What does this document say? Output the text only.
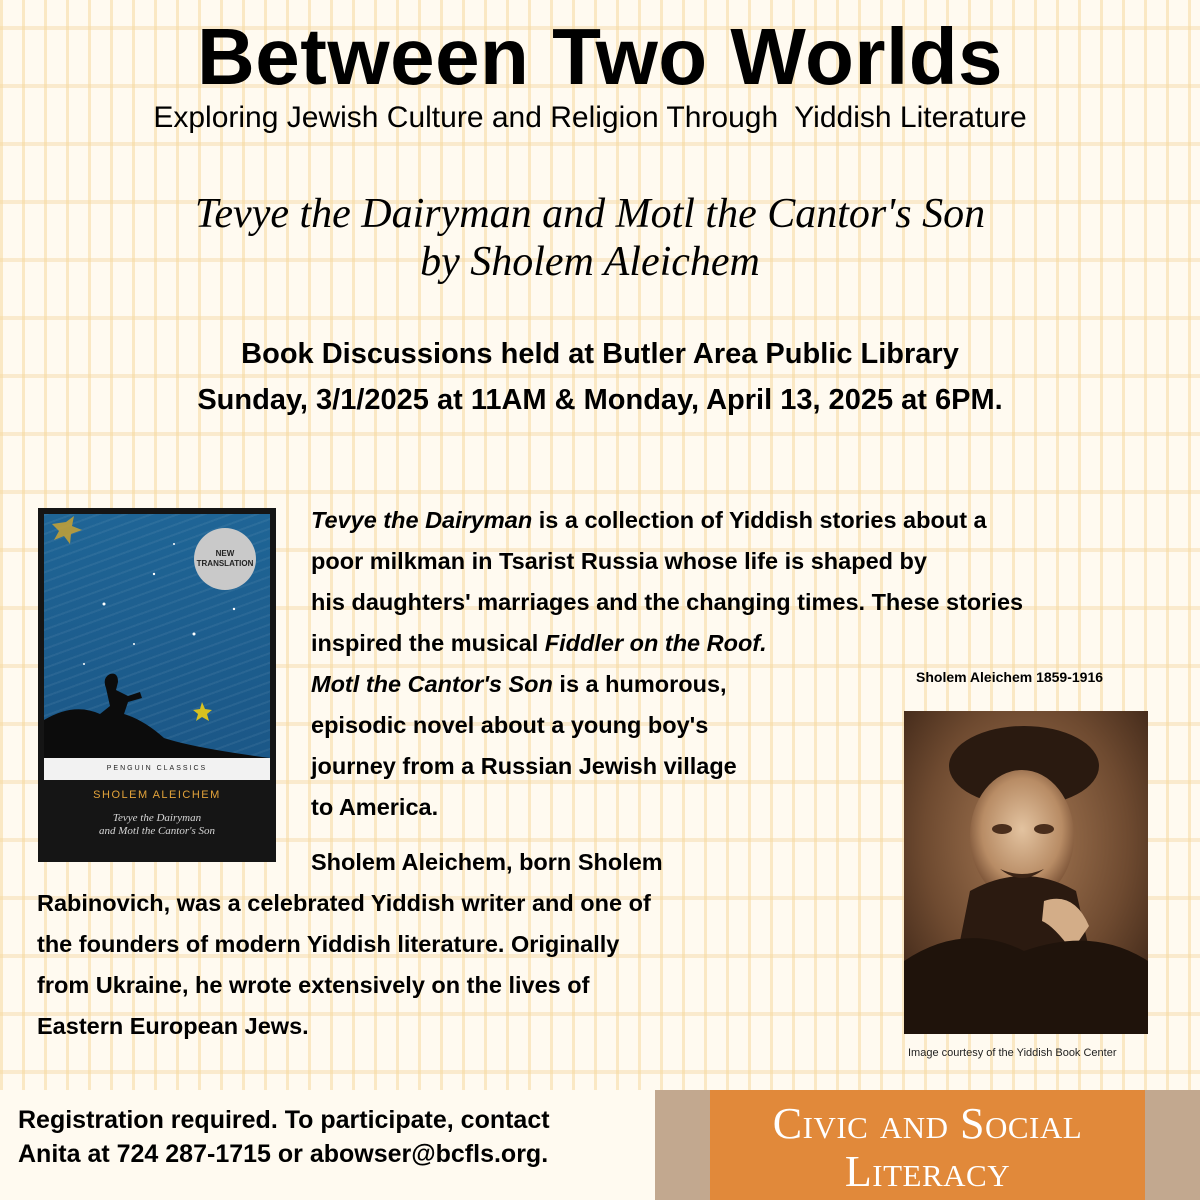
Between Two Worlds
Exploring Jewish Culture and Religion Through  Yiddish Literature
Tevye the Dairyman and Motl the Cantor's Son
by Sholem Aleichem
Book Discussions held at Butler Area Public Library
Sunday, 3/1/2025 at 11AM & Monday, April 13, 2025 at 6PM.
NEW
TRANSLATION
PENGUIN CLASSICS
SHOLEM ALEICHEM
Tevye the Dairyman
and Motl the Cantor's Son
Tevye the Dairyman is a collection of Yiddish stories about a
poor milkman in Tsarist Russia whose life is shaped by
his daughters' marriages and the changing times. These stories
inspired the musical Fiddler on the Roof.
Motl the Cantor's Son is a humorous,
episodic novel about a young boy's
journey from a Russian Jewish village
to America.
Sholem Aleichem, born Sholem
Rabinovich, was a celebrated Yiddish writer and one of
the founders of modern Yiddish literature. Originally
from Ukraine, he wrote extensively on the lives of
Eastern European Jews.
Sholem Aleichem 1859-1916
Image courtesy of the Yiddish Book Center
Registration required. To participate, contact
Anita at 724 287-1715 or abowser@bcfls.org.
Civic and Social
Literacy
